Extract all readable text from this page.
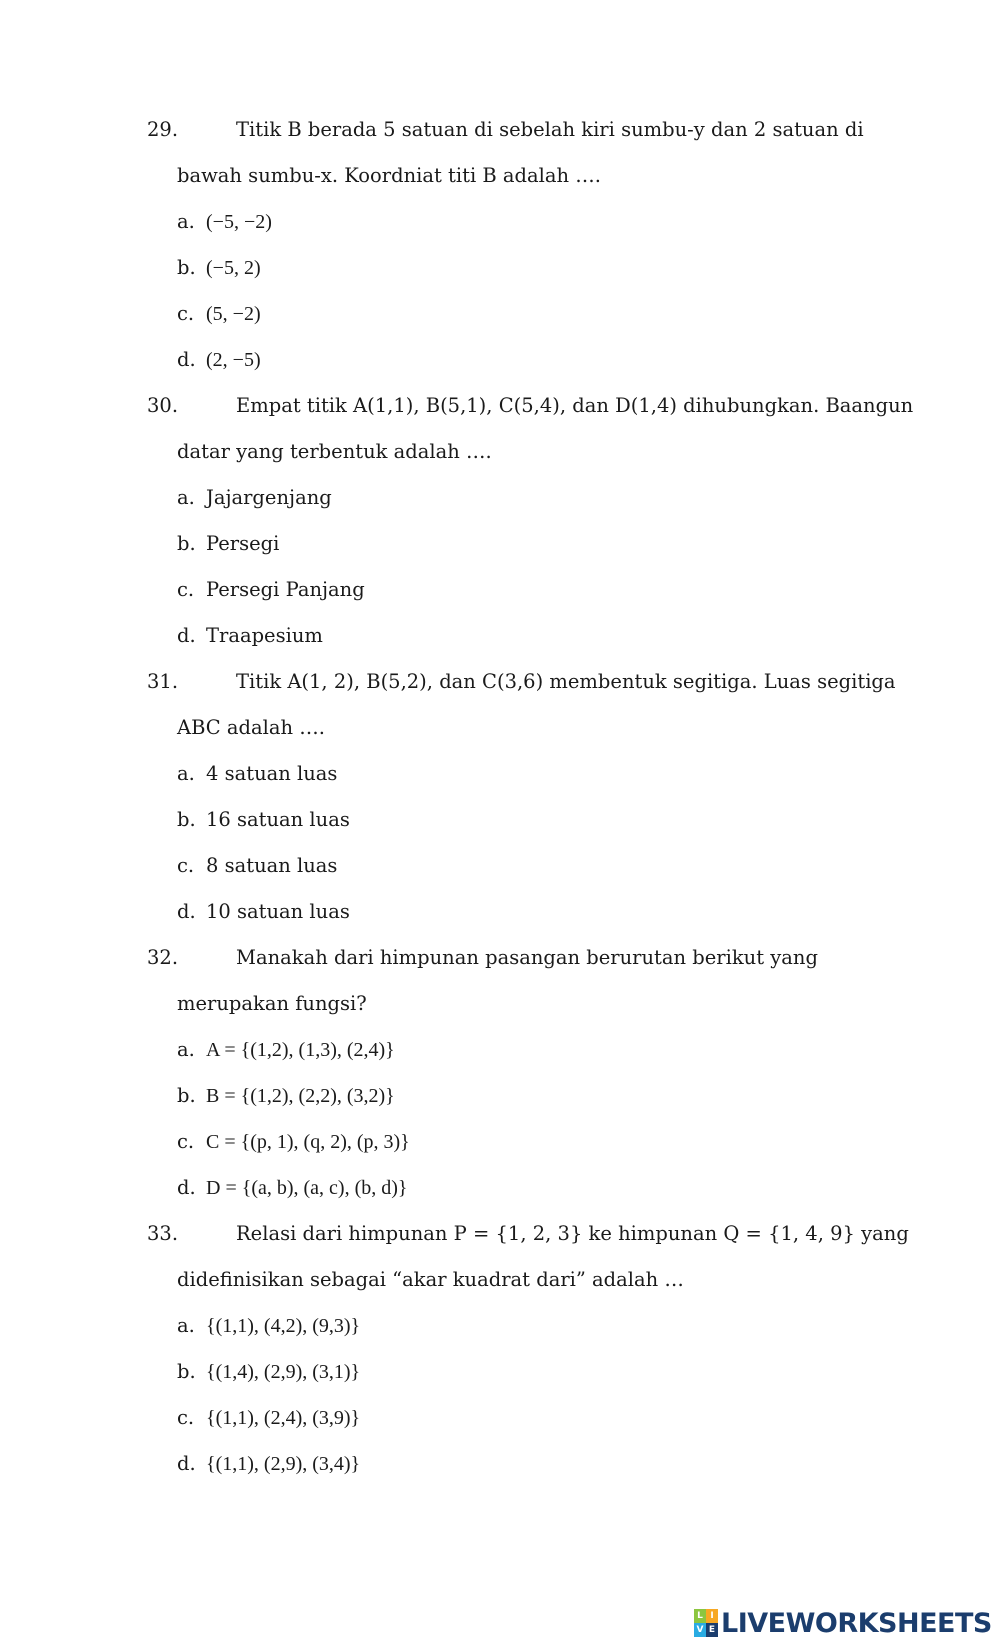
29.	Titik B berada 5 satuan di sebelah kiri sumbu-y dan 2 satuan di
bawah sumbu-x. Koordniat titi B adalah ….
a. (−5, −2)
b. (−5, 2)
c. (5, −2)
d. (2, −5)
30.	Empat titik A(1,1), B(5,1), C(5,4), dan D(1,4) dihubungkan. Baangun
datar yang terbentuk adalah ….
a. Jajargenjang
b. Persegi
c. Persegi Panjang
d. Traapesium
31.	Titik A(1, 2), B(5,2), dan C(3,6) membentuk segitiga. Luas segitiga
ABC adalah ….
a. 4 satuan luas
b. 16 satuan luas
c. 8 satuan luas
d. 10 satuan luas
32.	Manakah dari himpunan pasangan berurutan berikut yang
merupakan fungsi?
a. A = {(1,2), (1,3), (2,4)}
b. B = {(1,2), (2,2), (3,2)}
c. C = {(p, 1), (q, 2), (p, 3)}
d. D = {(a, b), (a, c), (b, d)}
33.	Relasi dari himpunan P = {1, 2, 3} ke himpunan Q = {1, 4, 9} yang
didefinisikan sebagai “akar kuadrat dari” adalah …
a. {(1,1), (4,2), (9,3)}
b. {(1,4), (2,9), (3,1)}
c. {(1,1), (2,4), (3,9)}
d. {(1,1), (2,9), (3,4)}
L I
V E LIVEWORKSHEETS
